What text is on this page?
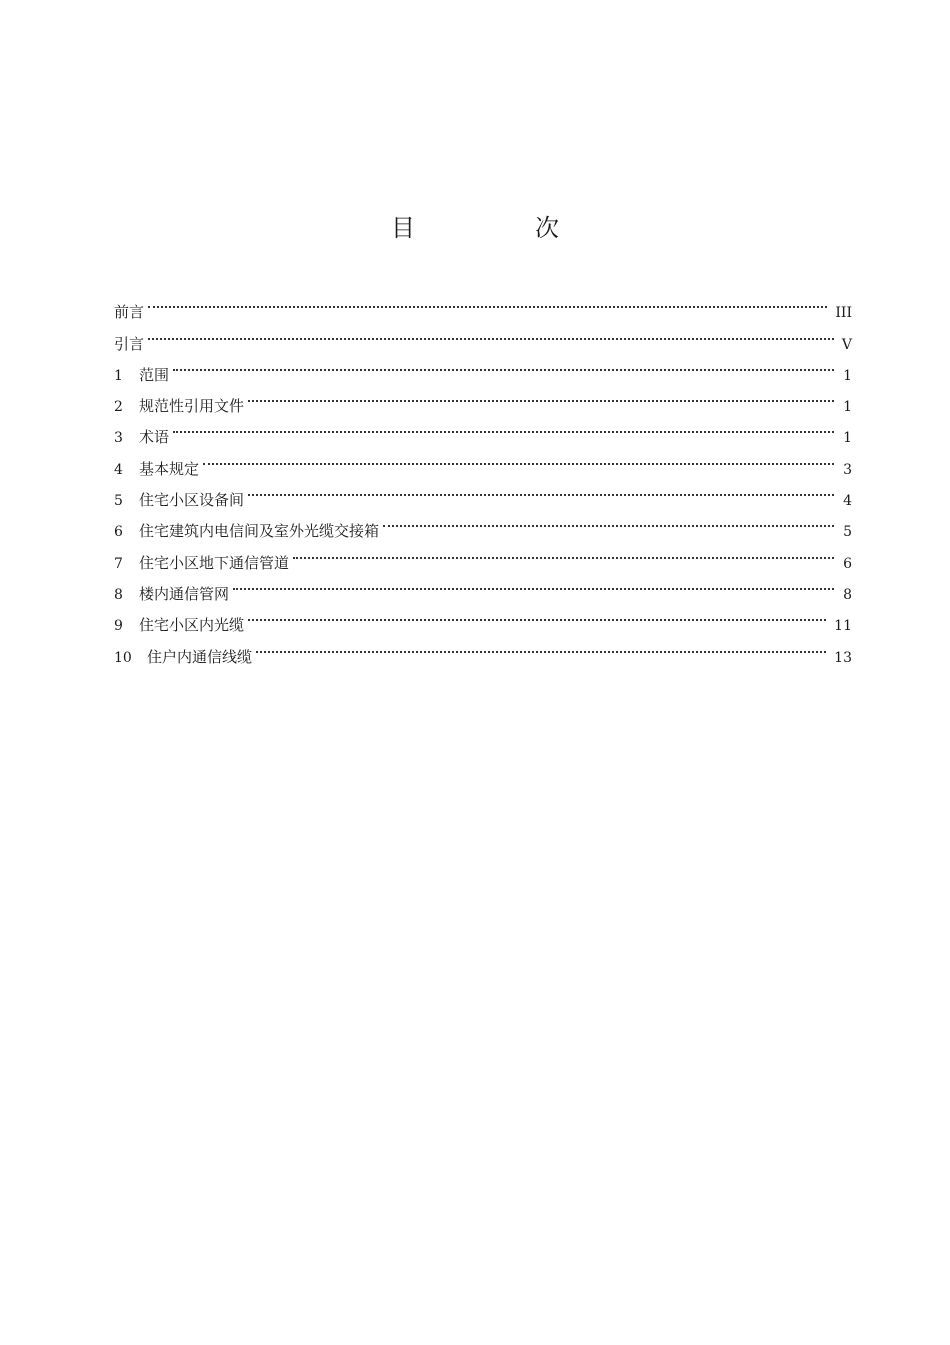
目　次
前言	III
引言	V
1	范围	1
2	规范性引用文件	1
3	术语	1
4	基本规定	3
5	住宅小区设备间	4
6	住宅建筑内电信间及室外光缆交接箱	5
7	住宅小区地下通信管道	6
8	楼内通信管网	8
9	住宅小区内光缆	11
10	住户内通信线缆	13
